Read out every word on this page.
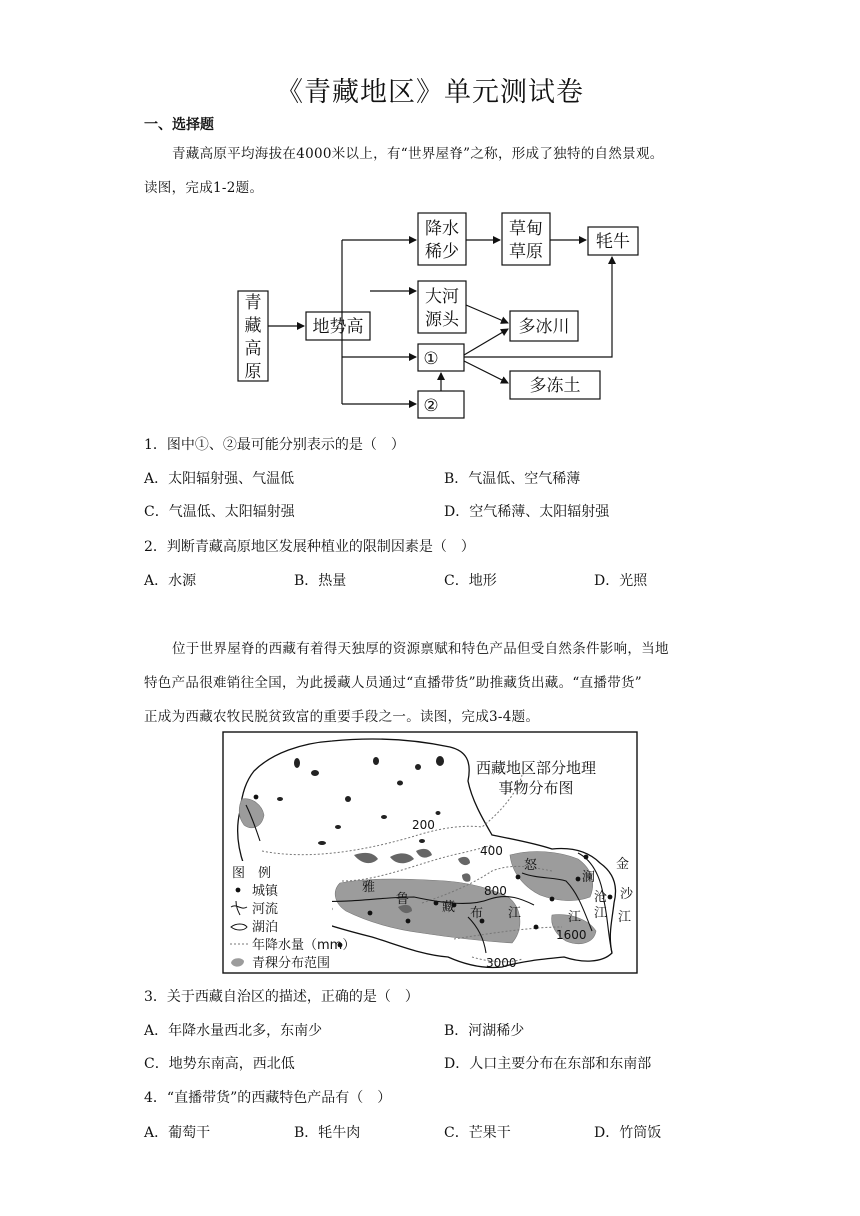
《青藏地区》单元测试卷
一、选择题
青藏高原平均海拔在4000米以上，有“世界屋脊”之称，形成了独特的自然景观。
读图，完成1-2题。
青
藏
高
原
地势高
降水
稀少
草甸
草原	牦牛
大河
源头	多冰川
①
多冻土
②
1．图中①、②最可能分别表示的是（　）
A．太阳辐射强、气温低	B．气温低、空气稀薄
C．气温低、太阳辐射强	D．空气稀薄、太阳辐射强
2．判断青藏高原地区发展种植业的限制因素是（　）
A．水源	B．热量	C．地形	D．光照
位于世界屋脊的西藏有着得天独厚的资源禀赋和特色产品但受自然条件影响，当地
特色产品很难销往全国，为此援藏人员通过“直播带货”助推藏货出藏。“直播带货”
正成为西藏农牧民脱贫致富的重要手段之一。读图，完成3-4题。
西藏地区部分地理
事物分布图
200
400
800
1600
3000
怒
澜
沧
江
金
沙
江
雅
鲁
藏 布 江	江
图　例
城镇
河流
湖泊
年降水量（mm）
青稞分布范围
3．关于西藏自治区的描述，正确的是（　）
A．年降水量西北多，东南少	B．河湖稀少
C．地势东南高，西北低	D．人口主要分布在东部和东南部
4．“直播带货”的西藏特色产品有（　）
A．葡萄干	B．牦牛肉	C．芒果干	D．竹筒饭
